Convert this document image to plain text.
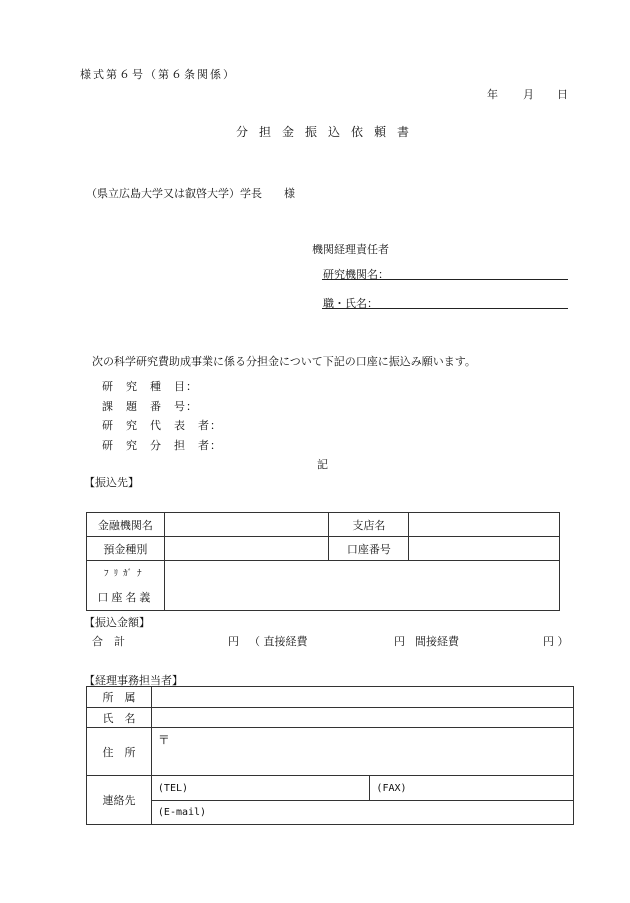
様式第６号（第６条関係）
年 月 日
分担金振込依頼書
（県立広島大学又は叡啓大学）学長　　様
機関経理責任者
研究機関名：
職・氏名：
次の科学研究費助成事業に係る分担金について下記の口座に振込み願います。
研　究　種　目：
課　題　番　号：
研　究　代　表　者：
研　究　分　担　者：
記
【振込先】
金融機関名		支店名	
預金種別		口座番号	

ﾌﾘｶﾞﾅ
口座名義			

【振込金額】
合　計	円 （ 直接経費	円 間接経費	円 ）
【経理事務担当者】
所　属		
氏　名		
住　所	〒	
連絡先	(TEL)	(FAX)
	(E-mail)	
